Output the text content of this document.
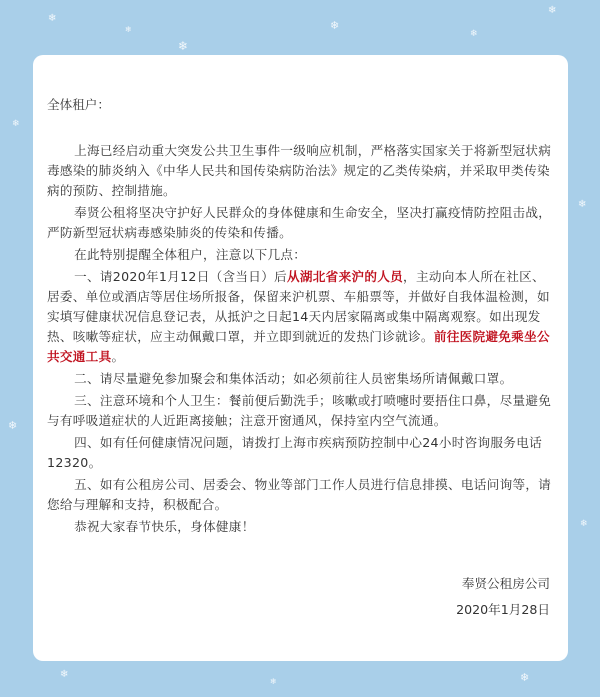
❄
❄
❄
❄
❄
❄
❄
❄
❄
❄
❄
❄	❄

全体租户：

上海已经启动重大突发公共卫生事件一级响应机制，严格落实国家关于将新型冠状病毒感染的肺炎纳入《中华人民共和国传染病防治法》规定的乙类传染病，并采取甲类传染病的预防、控制措施。

奉贤公租将坚决守护好人民群众的身体健康和生命安全，坚决打赢疫情防控阻击战，严防新型冠状病毒感染肺炎的传染和传播。

在此特别提醒全体租户，注意以下几点：

一、请2020年1月12日（含当日）后从湖北省来沪的人员，主动向本人所在社区、 居委、单位或酒店等居住场所报备，保留来沪机票、车船票等，并做好自我体温检测，如实填写健康状况信息登记表，从抵沪之日起14天内居家隔离或集中隔离观察。如出现发热、咳嗽等症状，应主动佩戴口罩，并立即到就近的发热门诊就诊。前往医院避免乘坐公共交通工具。

二、请尽量避免参加聚会和集体活动；如必须前往人员密集场所请佩戴口罩。

三、注意环境和个人卫生：餐前便后勤洗手；咳嗽或打喷嚏时要捂住口鼻，尽量避免与有呼吸道症状的人近距离接触；注意开窗通风，保持室内空气流通。

四、如有任何健康情况问题，请拨打上海市疾病预防控制中心24小时咨询服务电话12320。

五、如有公租房公司、居委会、物业等部门工作人员进行信息排摸、电话问询等，请您给与理解和支持，积极配合。

恭祝大家春节快乐，身体健康！

奉贤公租房公司

2020年1月28日
